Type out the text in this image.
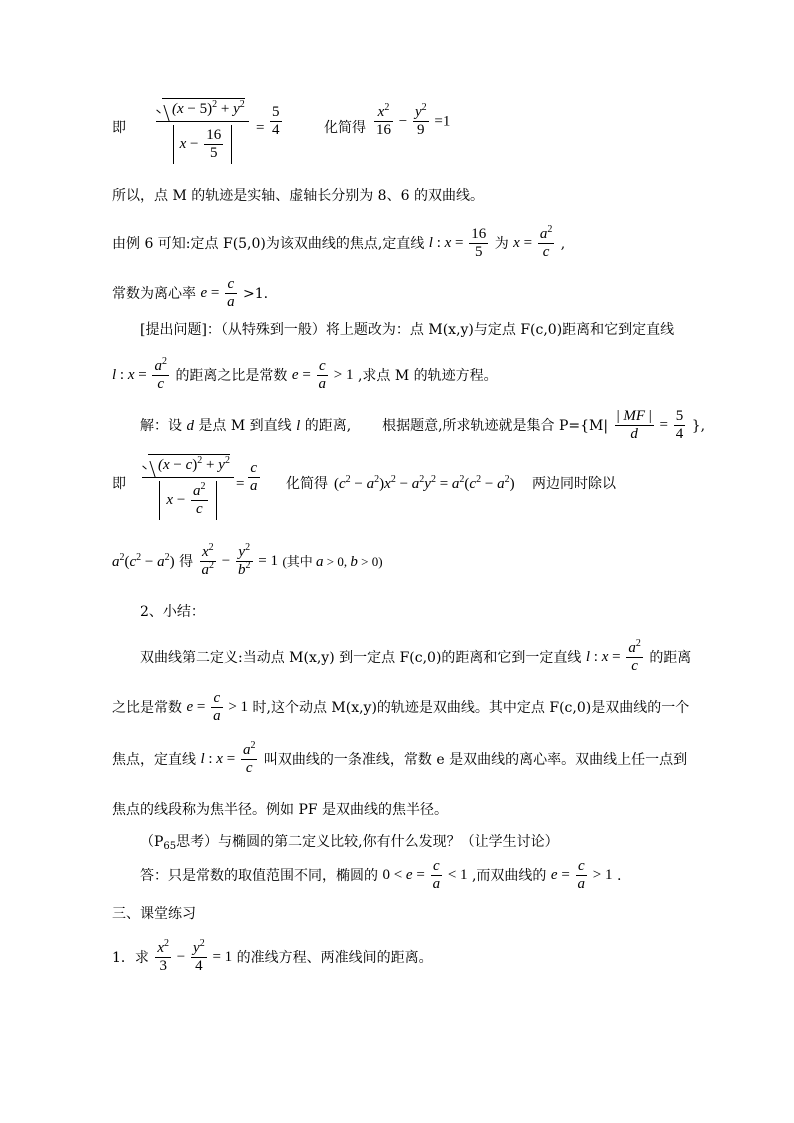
即
$(x - 5)^2 + y^2$
$x - \frac{16}{5} = \frac{5}{4}$	化简得 $\frac{x^2}{16} - \frac{y^2}{9} =1$
所以，点 M 的轨迹是实轴、虚轴长分别为 8、6 的双曲线。
由例 6 可知:定点 F(5,0)为该双曲线的焦点,定直线 l : $x = \frac{16}{5}$ 为 $x = \frac{a^2}{c}$ ,
常数为离心率 $e = \frac{c}{a} >1$.
[提出问题]：（从特殊到一般）将上题改为：点 M(x,y)与定点 F(c,0)距离和它到定直线
l : $x = \frac{a^2}{c}$ 的距离之比是常数 $e = \frac{c}{a} > 1$ ,求点 M 的轨迹方程。
解：设 d 是点 M 到直线 l 的距离, 根据题意,所求轨迹就是集合 $P=\{M| \frac{| MF |}{d} = \frac{5}{4}$ },
即
$(x - c)^2 + y^2$
$x - \frac{a^2}{c} = \frac{c}{a}$ 化简得 $(c^2 - a^2)x^2 - a^2y^2 = a^2(c^2 - a^2)$ 两边同时除以
$a^2(c^2 - a^2)$ 得 $\frac{x^2}{a^2} - \frac{y^2}{b^2} = 1$ (其中 a > 0, b > 0)
2、小结：
双曲线第二定义:当动点 M(x,y) 到一定点 F(c,0)的距离和它到一定直线 l : $x = \frac{a^2}{c}$ 的距离
之比是常数 $e = \frac{c}{a} > 1$ 时,这个动点 M(x,y)的轨迹是双曲线。其中定点 F(c,0)是双曲线的一个
焦点，定直线 l : $x = \frac{a^2}{c}$ 叫双曲线的一条准线，常数 e 是双曲线的离心率。双曲线上任一点到
焦点的线段称为焦半径。例如 PF 是双曲线的焦半径。
（$P_{65}$思考）与椭圆的第二定义比较,你有什么发现？（让学生讨论）
答：只是常数的取值范围不同，椭圆的 $0 < e = \frac{c}{a} < 1$ ,而双曲线的 $e = \frac{c}{a} > 1$ .
三、课堂练习
1．求 $\frac{x^2}{3} - \frac{y^2}{4} = 1$ 的准线方程、两准线间的距离。
